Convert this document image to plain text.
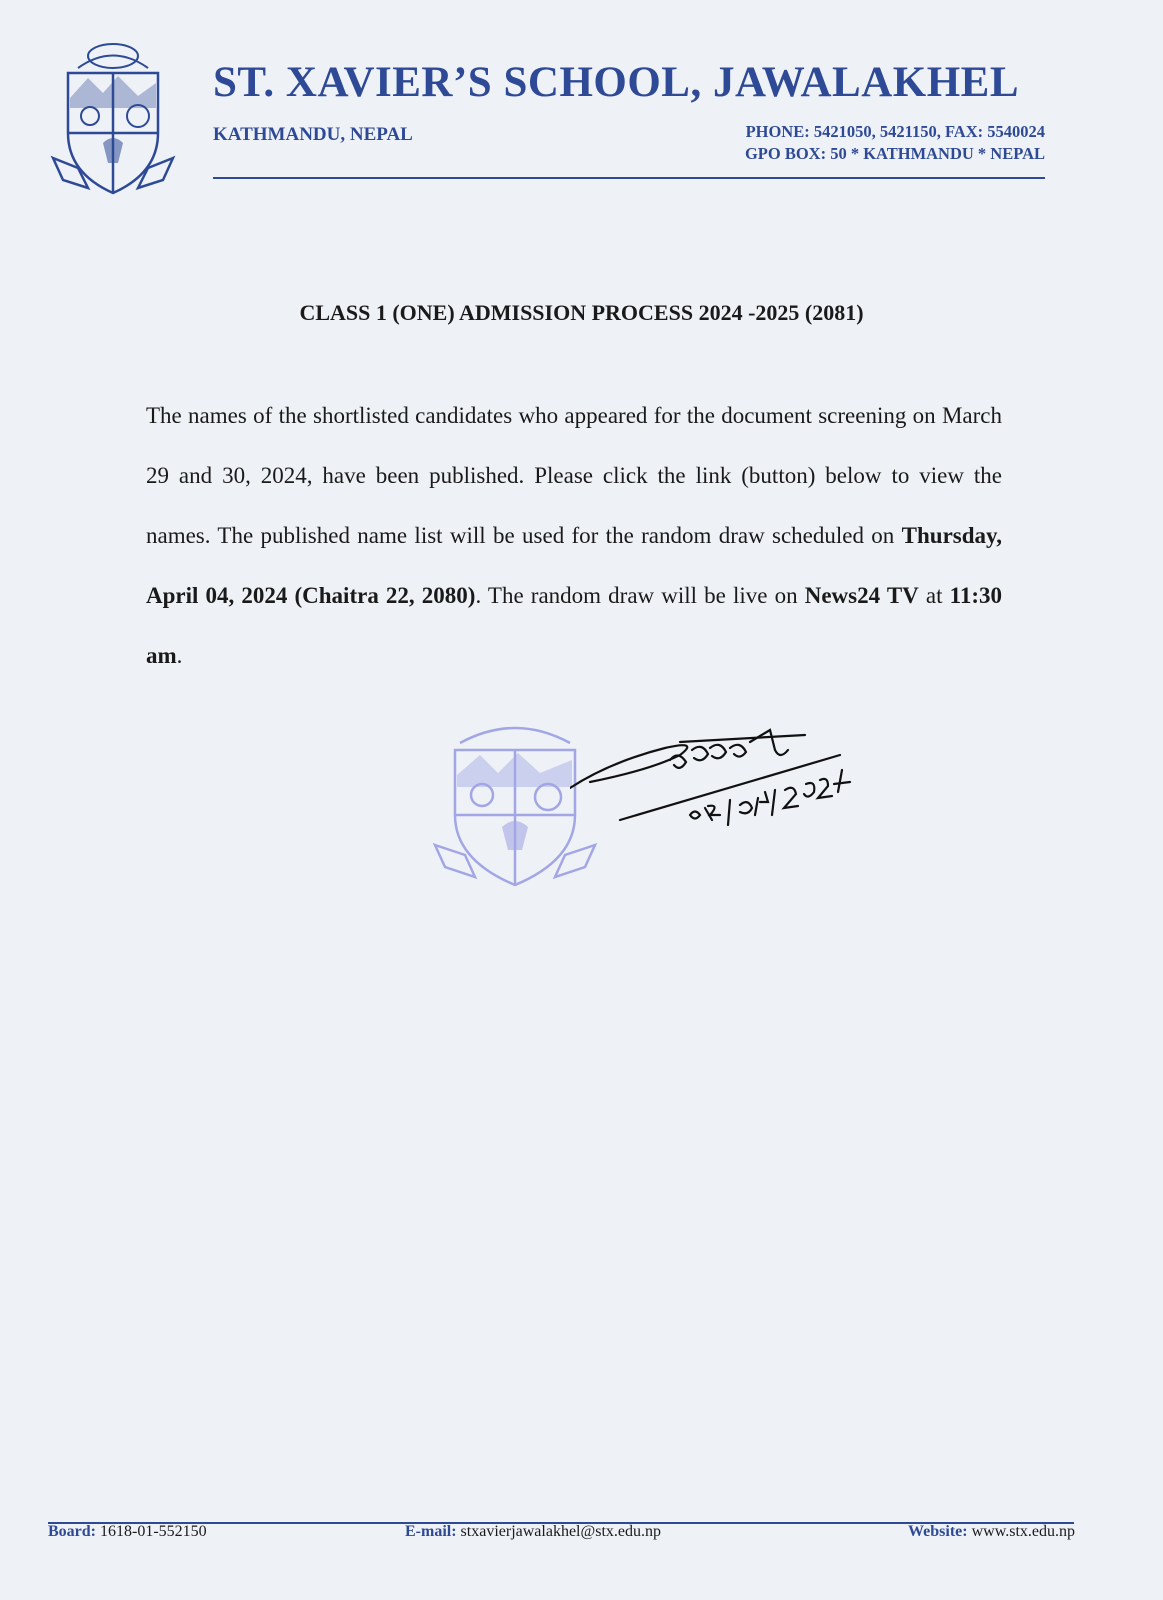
ST. XAVIER’S SCHOOL, JAWALAKHEL
KATHMANDU, NEPAL	PHONE: 5421050, 5421150, FAX: 5540024
GPO BOX: 50 * KATHMANDU * NEPAL
CLASS 1 (ONE) ADMISSION PROCESS 2024 -2025 (2081)
The names of the shortlisted candidates who appeared for the document screening on March 29 and 30, 2024, have been published. Please click the link (button) below to view the names. The published name list will be used for the random draw scheduled on Thursday, April 04, 2024 (Chaitra 22, 2080). The random draw will be live on News24 TV at 11:30 am.
Board: 1618-01-552150	E-mail: stxavierjawalakhel@stx.edu.np	Website: www.stx.edu.np
